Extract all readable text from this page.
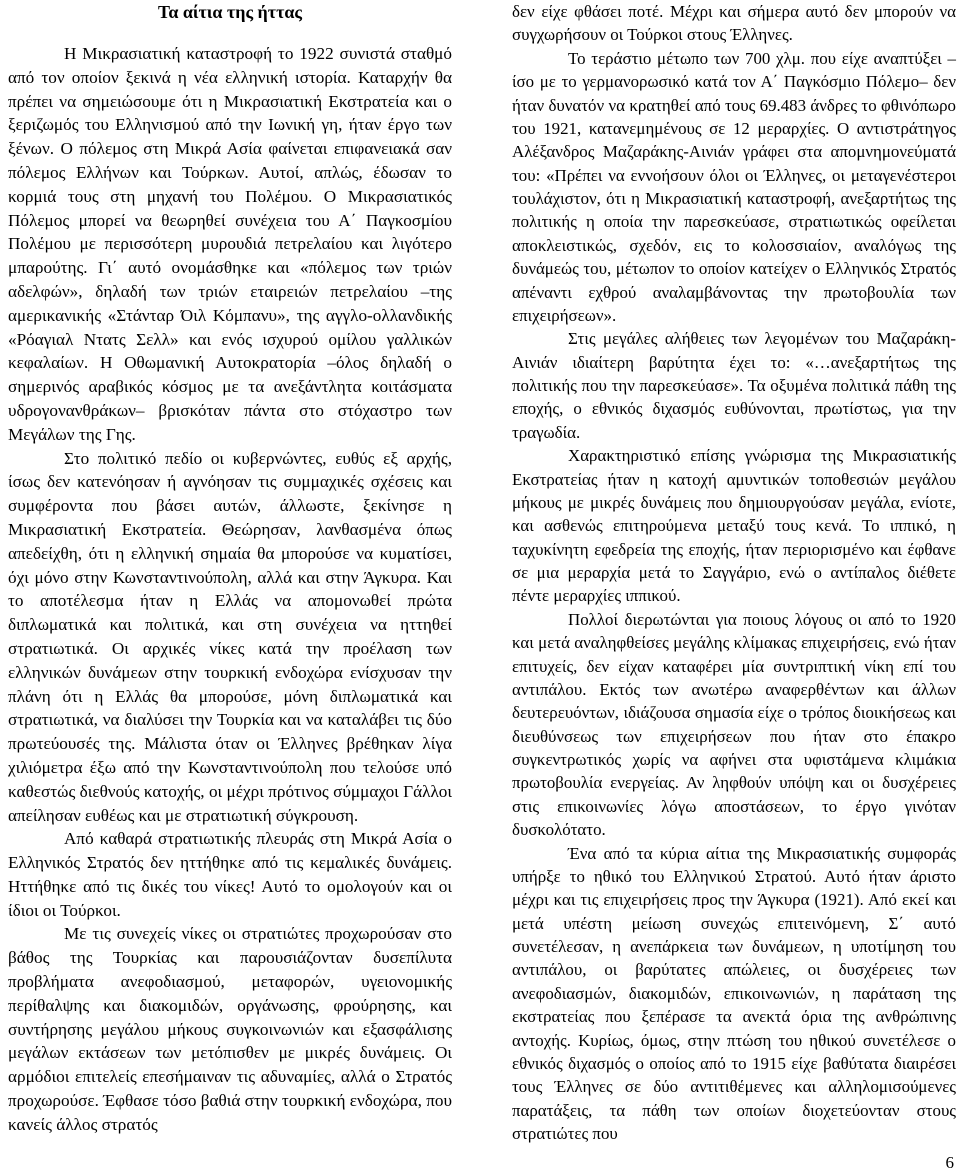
Τα αίτια της ήττας

Η Μικρασιατική καταστροφή το 1922 συνιστά σταθμό από τον οποίον ξεκινά η νέα ελληνική ιστορία. Καταρχήν θα πρέπει να σημειώσουμε ότι η Μικρασιατική Εκστρατεία και ο ξεριζωμός του Ελληνισμού από την Ιωνική γη, ήταν έργο των ξένων. Ο πόλεμος στη Μικρά Ασία φαίνεται επιφανειακά σαν πόλεμος Ελλήνων και Τούρκων. Αυτοί, απλώς, έδωσαν το κορμιά τους στη μηχανή του Πολέμου. Ο Μικρασιατικός Πόλεμος μπορεί να θεωρηθεί συνέχεια του Α΄ Παγκοσμίου Πολέμου με περισσότερη μυρουδιά πετρελαίου και λιγότερο μπαρούτης. Γι΄ αυτό ονομάσθηκε και «πόλεμος των τριών αδελφών», δηλαδή των τριών εταιρειών πετρελαίου –της αμερικανικής «Στάνταρ Όιλ Κόμπανυ», της αγγλο-ολλανδικής «Ρόαγιαλ Ντατς Σελλ» και ενός ισχυρού ομίλου γαλλικών κεφαλαίων. Η Οθωμανική Αυτοκρατορία –όλος δηλαδή ο σημερινός αραβικός κόσμος με τα ανεξάντλητα κοιτάσματα υδρογονανθράκων– βρισκόταν πάντα στο στόχαστρο των Μεγάλων της Γης.

Στο πολιτικό πεδίο οι κυβερνώντες, ευθύς εξ αρχής, ίσως δεν κατενόησαν ή αγνόησαν τις συμμαχικές σχέσεις και συμφέροντα που βάσει αυτών, άλλωστε, ξεκίνησε η Μικρασιατική Εκστρατεία. Θεώρησαν, λανθασμένα όπως απεδείχθη, ότι η ελληνική σημαία θα μπορούσε να κυματίσει, όχι μόνο στην Κωνσταντινούπολη, αλλά και στην Άγκυρα. Και το αποτέλεσμα ήταν η Ελλάς να απομονωθεί πρώτα διπλωματικά και πολιτικά, και στη συνέχεια να ηττηθεί στρατιωτικά. Οι αρχικές νίκες κατά την προέλαση των ελληνικών δυνάμεων στην τουρκική ενδοχώρα ενίσχυσαν την πλάνη ότι η Ελλάς θα μπορούσε, μόνη διπλωματικά και στρατιωτικά, να διαλύσει την Τουρκία και να καταλάβει τις δύο πρωτεύουσές της. Μάλιστα όταν οι Έλληνες βρέθηκαν λίγα χιλιόμετρα έξω από την Κωνσταντινούπολη που τελούσε υπό καθεστώς διεθνούς κατοχής, οι μέχρι πρότινος σύμμαχοι Γάλλοι απείλησαν ευθέως και με στρατιωτική σύγκρουση.

Από καθαρά στρατιωτικής πλευράς στη Μικρά Ασία ο Ελληνικός Στρατός δεν ηττήθηκε από τις κεμαλικές δυνάμεις. Ηττήθηκε από τις δικές του νίκες! Αυτό το ομολογούν και οι ίδιοι οι Τούρκοι.

Με τις συνεχείς νίκες οι στρατιώτες προχωρούσαν στο βάθος της Τουρκίας και παρουσιάζονταν δυσεπίλυτα προβλήματα ανεφοδιασμού, μεταφορών, υγειονομικής περίθαλψης και διακομιδών, οργάνωσης, φρούρησης, και συντήρησης μεγάλου μήκους συγκοινωνιών και εξασφάλισης μεγάλων εκτάσεων των μετόπισθεν με μικρές δυνάμεις. Οι αρμόδιοι επιτελείς επεσήμαιναν τις αδυναμίες, αλλά ο Στρατός προχωρούσε. Έφθασε τόσο βαθιά στην τουρκική ενδοχώρα, που κανείς άλλος στρατός

δεν είχε φθάσει ποτέ. Μέχρι και σήμερα αυτό δεν μπορούν να συγχωρήσουν οι Τούρκοι στους Έλληνες.

Το τεράστιο μέτωπο των 700 χλμ. που είχε αναπτύξει –ίσο με το γερμανορωσικό κατά τον Α΄ Παγκόσμιο Πόλεμο– δεν ήταν δυνατόν να κρατηθεί από τους 69.483 άνδρες το φθινόπωρο του 1921, κατανεμημένους σε 12 μεραρχίες. Ο αντιστράτηγος Αλέξανδρος Μαζαράκης-Αινιάν γράφει στα απομνημονεύματά του: «Πρέπει να εννοήσουν όλοι οι Έλληνες, οι μεταγενέστεροι τουλάχιστον, ότι η Μικρασιατική καταστροφή, ανεξαρτήτως της πολιτικής η οποία την παρεσκεύασε, στρατιωτικώς οφείλεται αποκλειστικώς, σχεδόν, εις το κολοσσιαίον, αναλόγως της δυνάμεώς του, μέτωπον το οποίον κατείχεν ο Ελληνικός Στρατός απέναντι εχθρού αναλαμβάνοντας την πρωτοβουλία των επιχειρήσεων».

Στις μεγάλες αλήθειες των λεγομένων του Μαζαράκη-Αινιάν ιδιαίτερη βαρύτητα έχει το: «…ανεξαρτήτως της πολιτικής που την παρεσκεύασε». Τα οξυμένα πολιτικά πάθη της εποχής, ο εθνικός διχασμός ευθύνονται, πρωτίστως, για την τραγωδία.

Χαρακτηριστικό επίσης γνώρισμα της Μικρασιατικής Εκστρατείας ήταν η κατοχή αμυντικών τοποθεσιών μεγάλου μήκους με μικρές δυνάμεις που δημιουργούσαν μεγάλα, ενίοτε, και ασθενώς επιτηρούμενα μεταξύ τους κενά. Το ιππικό, η ταχυκίνητη εφεδρεία της εποχής, ήταν περιορισμένο και έφθανε σε μια μεραρχία μετά το Σαγγάριο, ενώ ο αντίπαλος διέθετε πέντε μεραρχίες ιππικού.

Πολλοί διερωτώνται για ποιους λόγους οι από το 1920 και μετά αναληφθείσες μεγάλης κλίμακας επιχειρήσεις, ενώ ήταν επιτυχείς, δεν είχαν καταφέρει μία συντριπτική νίκη επί του αντιπάλου. Εκτός των ανωτέρω αναφερθέντων και άλλων δευτερευόντων, ιδιάζουσα σημασία είχε ο τρόπος διοικήσεως και διευθύνσεως των επιχειρήσεων που ήταν στο έπακρο συγκεντρωτικός χωρίς να αφήνει στα υφιστάμενα κλιμάκια πρωτοβουλία ενεργείας. Αν ληφθούν υπόψη και οι δυσχέρειες στις επικοινωνίες λόγω αποστάσεων, το έργο γινόταν δυσκολότατο.

Ένα από τα κύρια αίτια της Μικρασιατικής συμφοράς υπήρξε το ηθικό του Ελληνικού Στρατού. Αυτό ήταν άριστο μέχρι και τις επιχειρήσεις προς την Άγκυρα (1921). Από εκεί και μετά υπέστη μείωση συνεχώς επιτεινόμενη, Σ΄ αυτό συνετέλεσαν, η ανεπάρκεια των δυνάμεων, η υποτίμηση του αντιπάλου, οι βαρύτατες απώλειες, οι δυσχέρειες των ανεφοδιασμών, διακομιδών, επικοινωνιών, η παράταση της εκστρατείας που ξεπέρασε τα ανεκτά όρια της ανθρώπινης αντοχής. Κυρίως, όμως, στην πτώση του ηθικού συνετέλεσε ο εθνικός διχασμός ο οποίος από το 1915 είχε βαθύτατα διαιρέσει τους Έλληνες σε δύο αντιτιθέμενες και αλληλομισούμενες παρατάξεις, τα πάθη των οποίων διοχετεύονταν στους στρατιώτες που

6
